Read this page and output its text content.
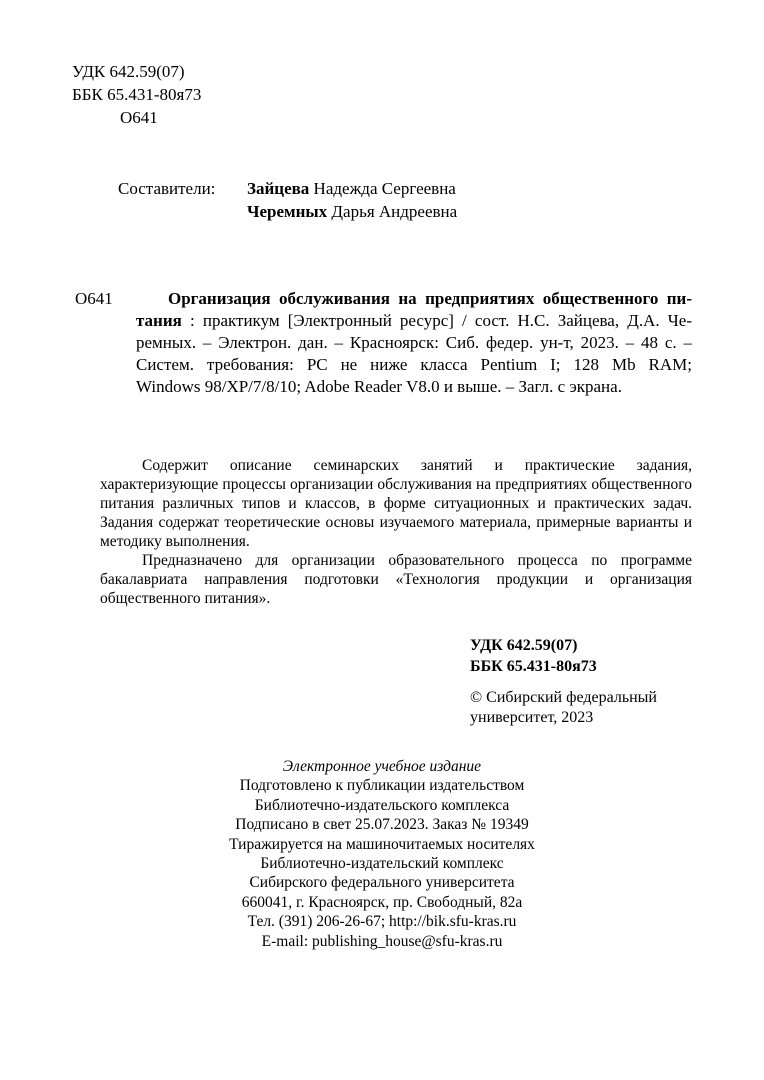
УДК 642.59(07)
ББК 65.431-80я73
О641
Составители:	Зайцева Надежда Сергеевна
Черемных Дарья Андреевна
О641	Организация обслуживания на предприятиях общественного пи-
тания : практикум [Электронный ресурс] / сост. Н.С. Зайцева, Д.А. Че-
ремных. – Электрон. дан. – Красноярск: Сиб. федер. ун-т, 2023. – 48 с. –
Систем. требования: PC не ниже класса Pentium I; 128 Mb RAM;
Windows 98/XP/7/8/10; Adobe Reader V8.0 и выше. – Загл. с экрана.

Содержит описание семинарских занятий и практические задания, характеризующие процессы организации обслуживания на предприятиях общественного питания различных типов и классов, в форме ситуационных и практических задач. Задания содержат теоретические основы изучаемого материала, примерные варианты и методику выполнения.

Предназначено для организации образовательного процесса по программе бакалавриата направления подготовки «Технология продукции и организация общественного питания».

УДК 642.59(07)
ББК 65.431-80я73
© Сибирский федеральный
университет, 2023
Электронное учебное издание
Подготовлено к публикации издательством
Библиотечно-издательского комплекса
Подписано в свет 25.07.2023. Заказ № 19349
Тиражируется на машиночитаемых носителях
Библиотечно-издательский комплекс
Сибирского федерального университета
660041, г. Красноярск, пр. Свободный, 82а
Тел. (391) 206-26-67; http://bik.sfu-kras.ru
E-mail: publishing_house@sfu-kras.ru
